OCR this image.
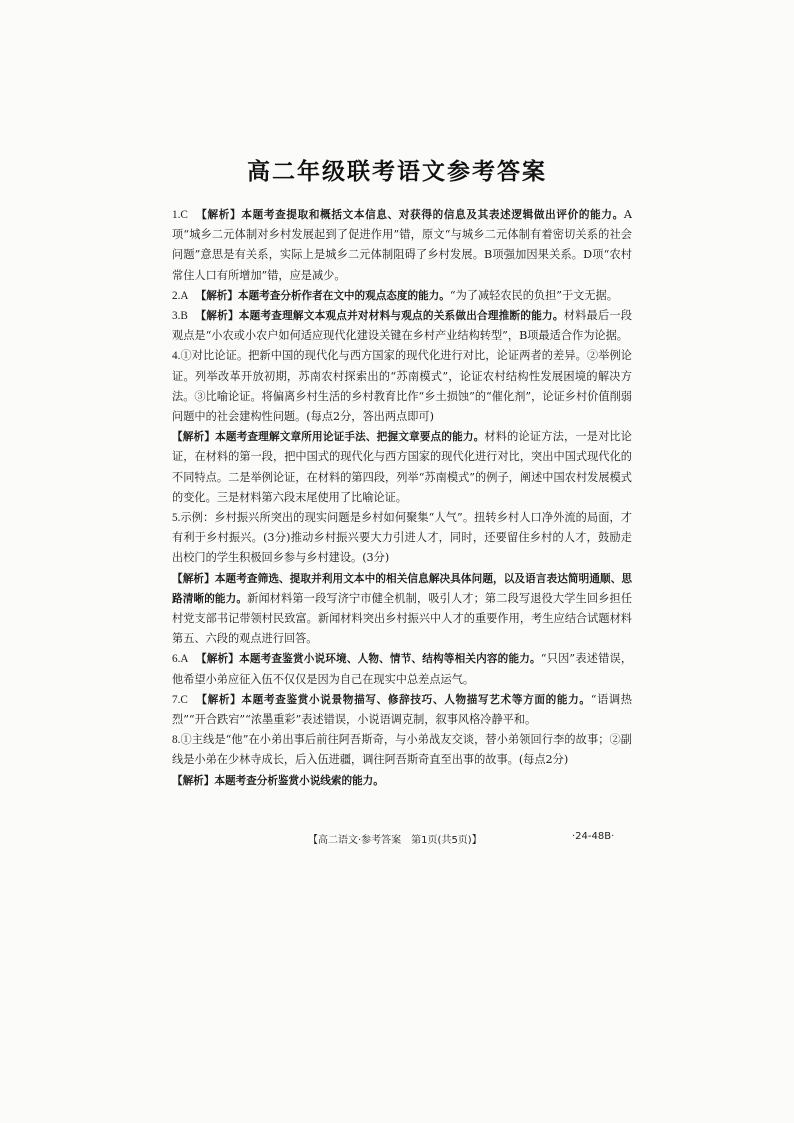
高二年级联考语文参考答案

1.C 【解析】本题考查提取和概括文本信息、对获得的信息及其表述逻辑做出评价的能力。A项“城乡二元体制对乡村发展起到了促进作用”错，原文“与城乡二元体制有着密切关系的社会问题”意思是有关系，实际上是城乡二元体制阻碍了乡村发展。B项强加因果关系。D项“农村常住人口有所增加”错，应是减少。

2.A 【解析】本题考查分析作者在文中的观点态度的能力。“为了减轻农民的负担”于文无据。

3.B 【解析】本题考查理解文本观点并对材料与观点的关系做出合理推断的能力。材料最后一段观点是“小农或小农户如何适应现代化建设关键在乡村产业结构转型”，B项最适合作为论据。

4.①对比论证。把新中国的现代化与西方国家的现代化进行对比，论证两者的差异。②举例论证。列举改革开放初期，苏南农村探索出的“苏南模式”，论证农村结构性发展困境的解决方法。③比喻论证。将偏离乡村生活的乡村教育比作“乡土损蚀”的“催化剂”，论证乡村价值削弱问题中的社会建构性问题。(每点2分，答出两点即可)

【解析】本题考查理解文章所用论证手法、把握文章要点的能力。材料的论证方法，一是对比论证，在材料的第一段，把中国式的现代化与西方国家的现代化进行对比，突出中国式现代化的不同特点。二是举例论证，在材料的第四段，列举“苏南模式”的例子，阐述中国农村发展模式的变化。三是材料第六段末尾使用了比喻论证。

5.示例：乡村振兴所突出的现实问题是乡村如何聚集“人气”。扭转乡村人口净外流的局面，才有利于乡村振兴。(3分)推动乡村振兴要大力引进人才，同时，还要留住乡村的人才，鼓励走出校门的学生积极回乡参与乡村建设。(3分)

【解析】本题考查筛选、提取并利用文本中的相关信息解决具体问题，以及语言表达简明通顺、思路清晰的能力。新闻材料第一段写济宁市健全机制，吸引人才；第二段写退役大学生回乡担任村党支部书记带领村民致富。新闻材料突出乡村振兴中人才的重要作用，考生应结合试题材料第五、六段的观点进行回答。

6.A 【解析】本题考查鉴赏小说环境、人物、情节、结构等相关内容的能力。“只因”表述错误，他希望小弟应征入伍不仅仅是因为自己在现实中总差点运气。

7.C 【解析】本题考查鉴赏小说景物描写、修辞技巧、人物描写艺术等方面的能力。“语调热烈”“开合跌宕”“浓墨重彩”表述错误，小说语调克制，叙事风格冷静平和。

8.①主线是“他”在小弟出事后前往阿吾斯奇，与小弟战友交谈，替小弟领回行李的故事；②副线是小弟在少林寺成长，后入伍进疆，调往阿吾斯奇直至出事的故事。(每点2分)

【解析】本题考查分析鉴赏小说线索的能力。

【高二语文·参考答案　第1页(共5页)】	·24-48B·
